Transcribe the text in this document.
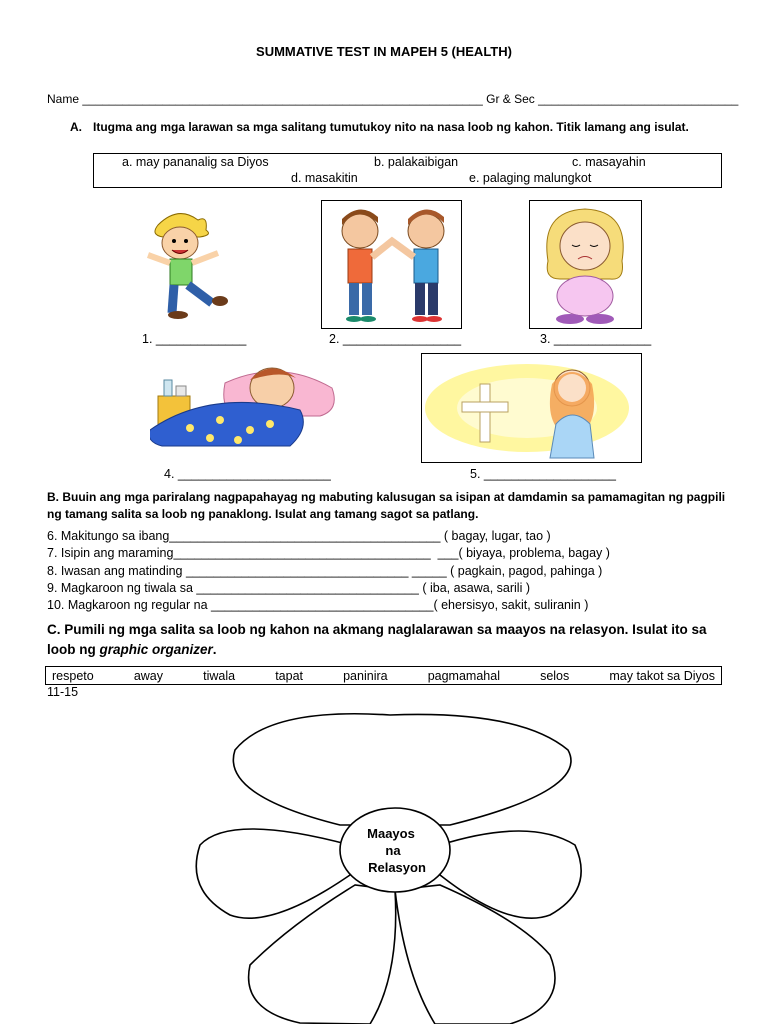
SUMMATIVE TEST IN MAPEH 5 (HEALTH)
Name ____________________________________________________________ Gr & Sec ______________________________
A. Itugma ang mga larawan sa mga salitang tumutukoy nito na nasa loob ng kahon. Titik lamang ang isulat.
a. may pananalig sa Diyos	b. palakaibigan	c. masayahin
d. masakitin	e. palaging malungkot
1. _____________	2. _________________	3. ______________
4. ______________________	5. ___________________
B. Buuin ang mga pariralang nagpapahayag ng mabuting kalusugan sa isipan at damdamin sa pamamagitan ng pagpili ng tamang salita sa loob ng panaklong. Isulat ang tamang sagot sa patlang.
6. Makitungo sa ibang_______________________________________ ( bagay, lugar, tao )
7. Isipin ang maraming_____________________________________  ___( biyaya, problema, bagay )
8. Iwasan ang matinding ________________________________ _____ ( pagkain, pagod, pahinga )
9. Magkaroon ng tiwala sa ________________________________ ( iba, asawa, sarili )
10. Magkaroon ng regular na ________________________________( ehersisyo, sakit, suliranin )
C. Pumili ng mga salita sa loob ng kahon na akmang naglalarawan sa maayos na relasyon. Isulat ito sa loob ng graphic organizer.
respeto	away	tiwala	tapat	paninira	pagmamahal	selos	may takot sa Diyos
11-15
Maayos
na
Relasyon
